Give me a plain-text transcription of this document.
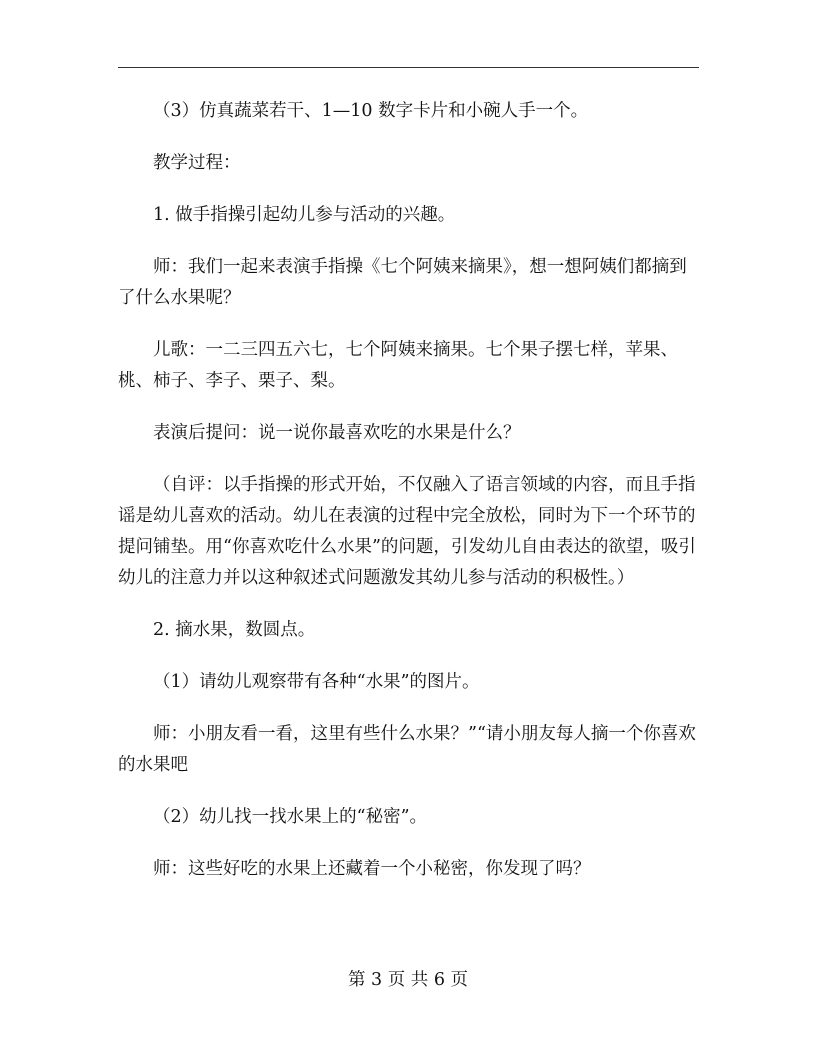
（3）仿真蔬菜若干、1—10 数字卡片和小碗人手一个。

教学过程：

1. 做手指操引起幼儿参与活动的兴趣。

师：我们一起来表演手指操《七个阿姨来摘果》，想一想阿姨们都摘到了什么水果呢？

儿歌：一二三四五六七，七个阿姨来摘果。七个果子摆七样，苹果、桃、柿子、李子、栗子、梨。

表演后提问：说一说你最喜欢吃的水果是什么？

（自评：以手指操的形式开始，不仅融入了语言领域的内容，而且手指谣是幼儿喜欢的活动。幼儿在表演的过程中完全放松，同时为下一个环节的提问铺垫。用“你喜欢吃什么水果”的问题，引发幼儿自由表达的欲望，吸引幼儿的注意力并以这种叙述式问题激发其幼儿参与活动的积极性。）

2. 摘水果，数圆点。

（1）请幼儿观察带有各种“水果”的图片。

师：小朋友看一看，这里有些什么水果？”“请小朋友每人摘一个你喜欢的水果吧

（2）幼儿找一找水果上的“秘密”。

师：这些好吃的水果上还藏着一个小秘密，你发现了吗？

第 3 页 共 6 页
